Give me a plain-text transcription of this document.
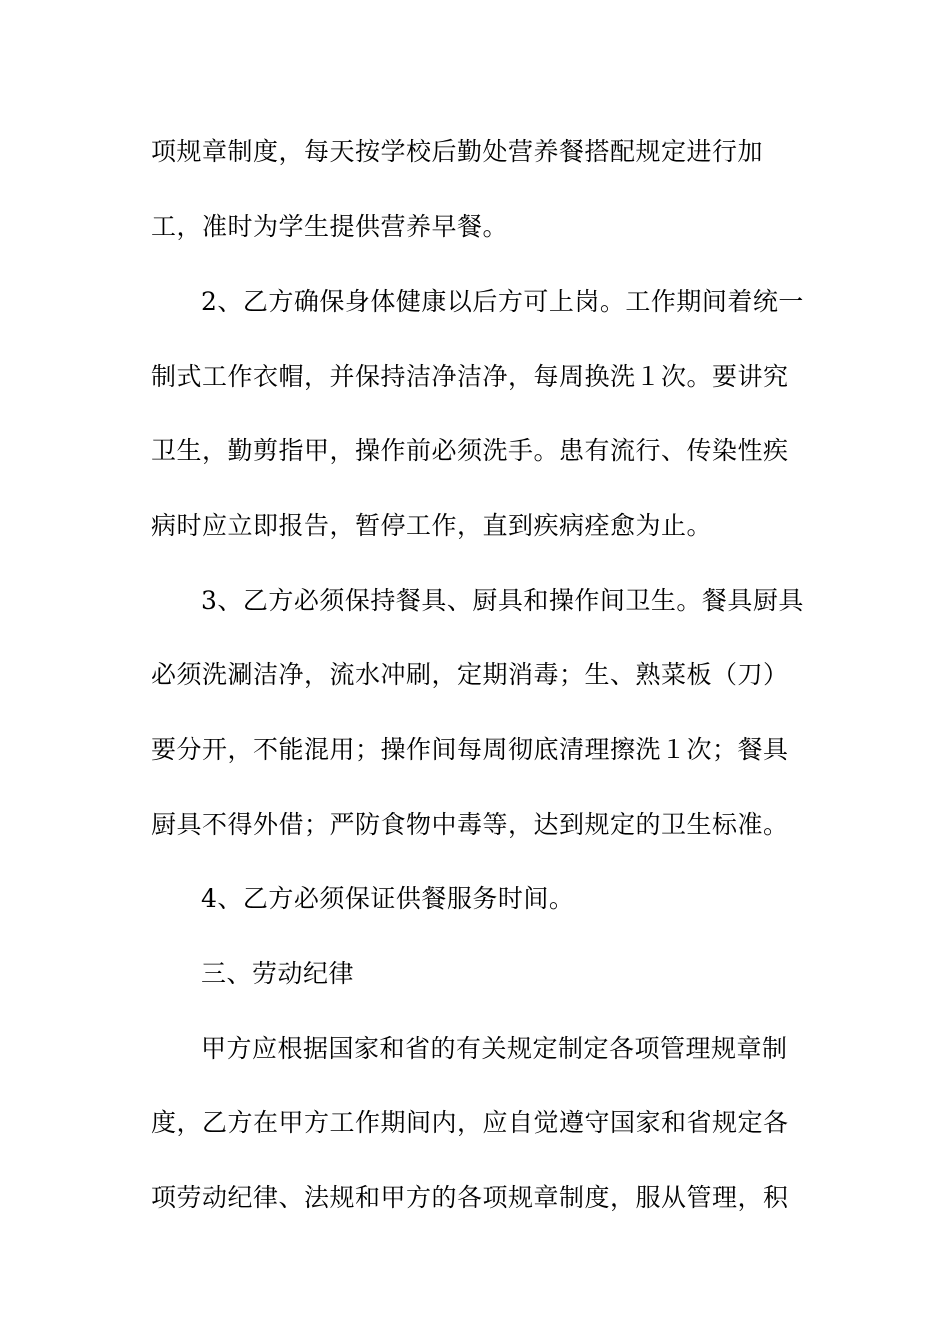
项规章制度，每天按学校后勤处营养餐搭配规定进行加
工，准时为学生提供营养早餐。
2、乙方确保身体健康以后方可上岗。工作期间着统一
制式工作衣帽，并保持洁净洁净，每周换洗１次。要讲究
卫生，勤剪指甲，操作前必须洗手。患有流行、传染性疾
病时应立即报告，暂停工作，直到疾病痊愈为止。
3、乙方必须保持餐具、厨具和操作间卫生。餐具厨具
必须洗涮洁净，流水冲刷，定期消毒；生、熟菜板（刀）
要分开，不能混用；操作间每周彻底清理擦洗１次；餐具
厨具不得外借；严防食物中毒等，达到规定的卫生标准。
4、乙方必须保证供餐服务时间。
三、劳动纪律
甲方应根据国家和省的有关规定制定各项管理规章制
度，乙方在甲方工作期间内，应自觉遵守国家和省规定各
项劳动纪律、法规和甲方的各项规章制度，服从管理，积
